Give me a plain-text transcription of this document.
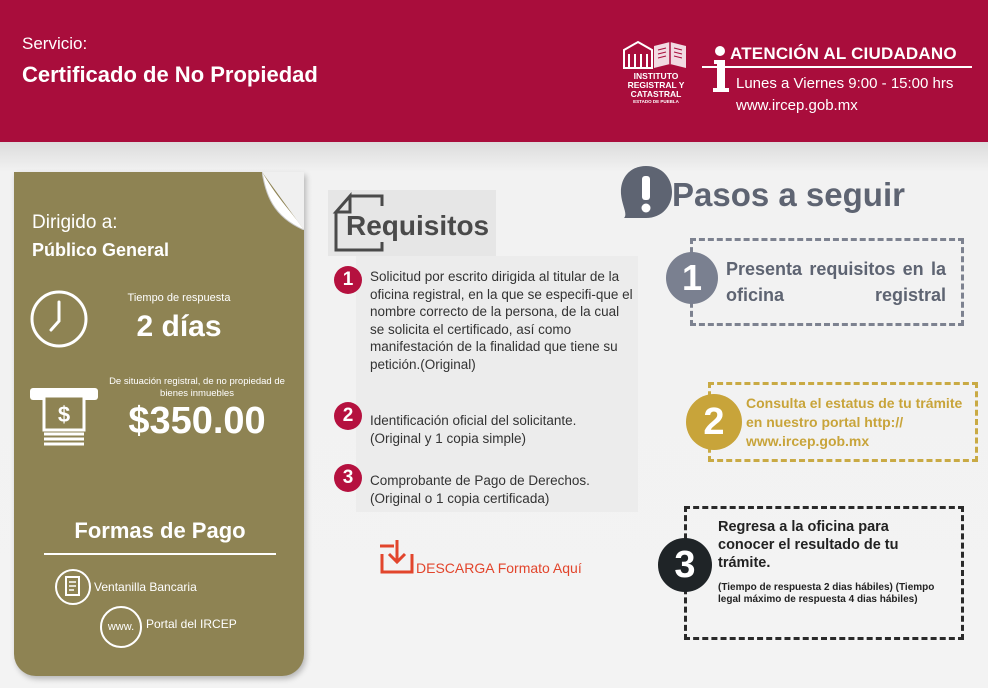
Servicio:
Certificado de No Propiedad	INSTITUTO
REGISTRAL Y
CATASTRAL
ESTADO DE PUEBLA
ATENCIÓN AL CIUDADANO
Lunes a Viernes 9:00 - 15:00 hrs
www.ircep.gob.mx
Dirigido a:
Público General
Tiempo de respuesta
2 días
$
De situación registral, de no propiedad de bienes inmuebles
$350.00
Formas de Pago
Ventanilla Bancaria
www. Portal del IRCEP
Requisitos
1	Solicitud por escrito dirigida al titular de la oficina registral, en la que se especifi-que el nombre correcto de la persona, de la cual se solicita el certificado, así como manifestación de la finalidad que tiene su petición.(Original)
2	Identificación oficial del solicitante. (Original y 1 copia simple)
3	Comprobante de Pago de Derechos. (Original o 1 copia certificada)
DESCARGA Formato Aquí
Pasos a seguir
1	Presenta requisitos en la oficina registral
2	Consulta el estatus de tu trámite en nuestro portal http:// www.ircep.gob.mx
3
Regresa a la oficina para conocer el resultado de tu trámite.
(Tiempo de respuesta 2 dias hábiles) (Tiempo legal máximo de respuesta 4 dias hábiles)
